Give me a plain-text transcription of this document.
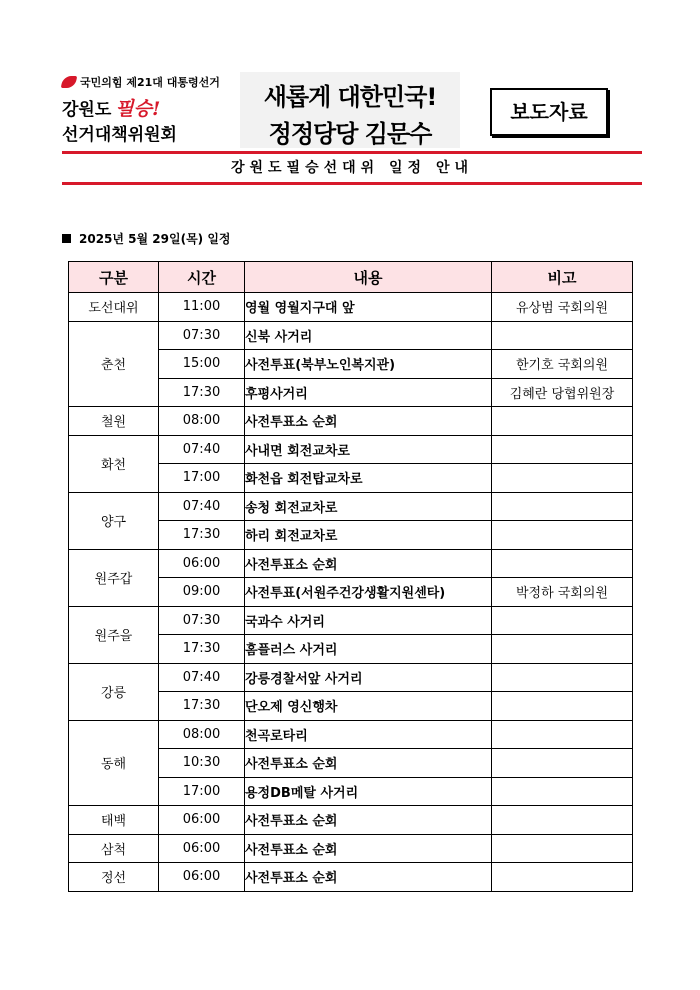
국민의힘 제21대 대통령선거
강원도 필승!
선거대책위원회
새롭게 대한민국!
정정당당 김문수
보도자료
강원도필승선대위 일정 안내
2025년 5월 29일(목) 일정
구분	시간	내용	비고
도선대위	11:00	영월 영월지구대 앞	유상범 국회의원
춘천	07:30	신북 사거리	
	15:00	사전투표(북부노인복지관)	한기호 국회의원
	17:30	후평사거리	김혜란 당협위원장
철원	08:00	사전투표소 순회	
화천	07:40	사내면 회전교차로	
	17:00	화천읍 회전탑교차로	
양구	07:40	송청 회전교차로	
	17:30	하리 회전교차로	
원주갑	06:00	사전투표소 순회	
	09:00	사전투표(서원주건강생활지원센타)	박정하 국회의원
원주을	07:30	국과수 사거리	
	17:30	홈플러스 사거리	
강릉	07:40	강릉경찰서앞 사거리	
	17:30	단오제 영신행차	
동해	08:00	천곡로타리	
	10:30	사전투표소 순회	
	17:00	용정DB메탈 사거리	
태백	06:00	사전투표소 순회	
삼척	06:00	사전투표소 순회	
정선	06:00	사전투표소 순회	
